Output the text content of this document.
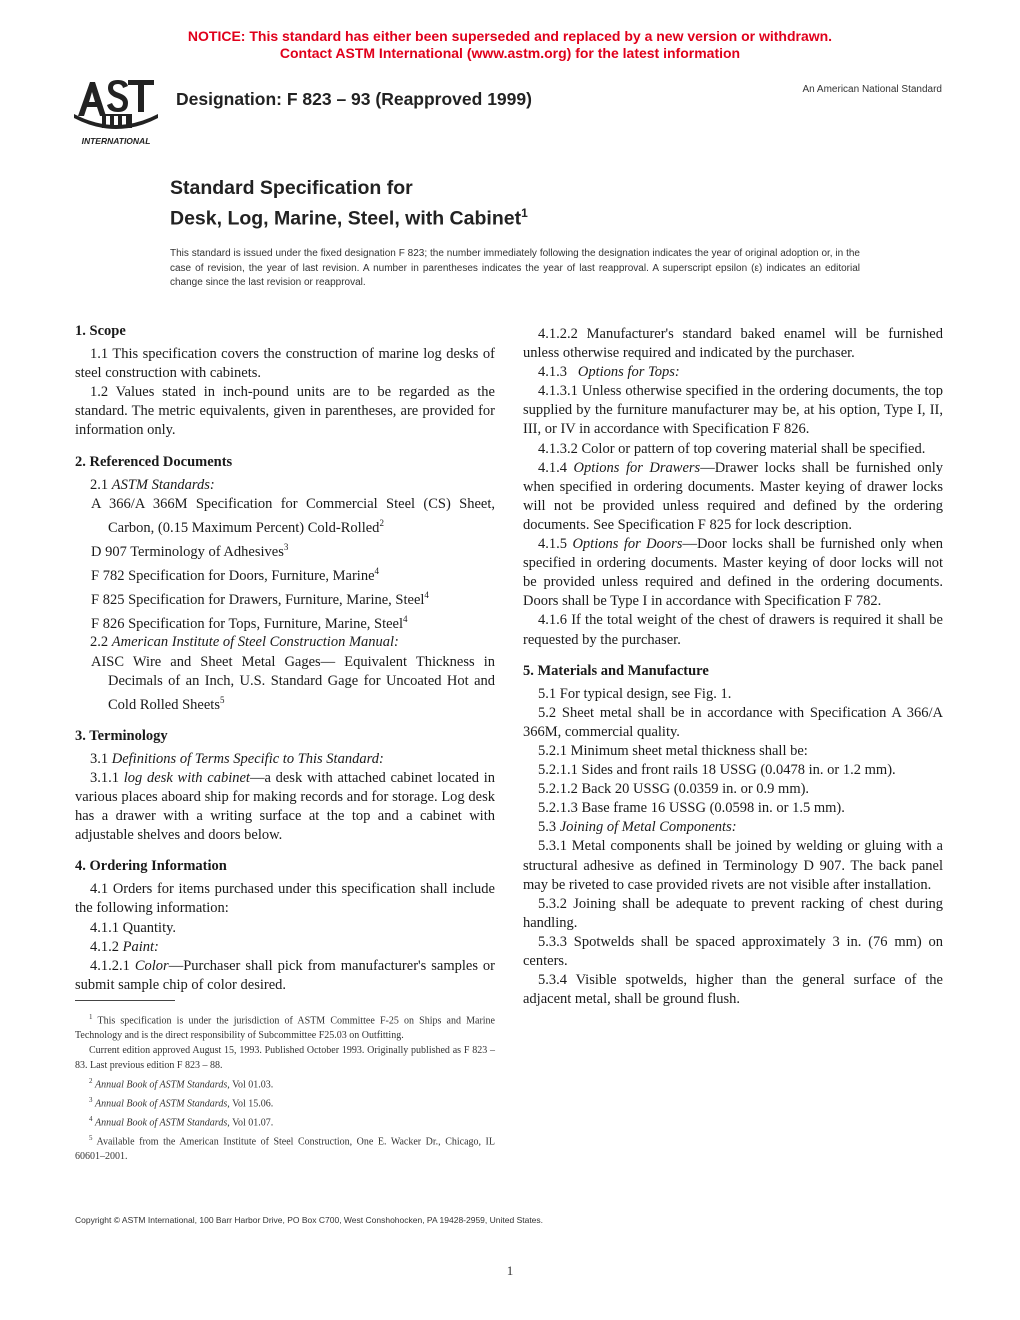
NOTICE: This standard has either been superseded and replaced by a new version or withdrawn.
Contact ASTM International (www.astm.org) for the latest information
INTERNATIONAL
Designation: F 823 – 93 (Reapproved 1999)	An American National Standard
Standard Specification for
Desk, Log, Marine, Steel, with Cabinet$^1$
This standard is issued under the fixed designation F 823; the number immediately following the designation indicates the year of original adoption or, in the case of revision, the year of last revision. A number in parentheses indicates the year of last reapproval. A superscript epsilon (ε) indicates an editorial change since the last revision or reapproval.
1. Scope

1.1 This specification covers the construction of marine log desks of steel construction with cabinets.

1.2 Values stated in inch-pound units are to be regarded as the standard. The metric equivalents, given in parentheses, are provided for information only.

2. Referenced Documents

2.1 ASTM Standards:

A 366/A 366M Specification for Commercial Steel (CS) Sheet, Carbon, (0.15 Maximum Percent) Cold-Rolled$^2$

D 907 Terminology of Adhesives$^3$

F 782 Specification for Doors, Furniture, Marine$^4$

F 825 Specification for Drawers, Furniture, Marine, Steel$^4$

F 826 Specification for Tops, Furniture, Marine, Steel$^4$

2.2 American Institute of Steel Construction Manual:

AISC Wire and Sheet Metal Gages— Equivalent Thickness in Decimals of an Inch, U.S. Standard Gage for Uncoated Hot and Cold Rolled Sheets$^5$

3. Terminology

3.1 Definitions of Terms Specific to This Standard:

3.1.1 log desk with cabinet—a desk with attached cabinet located in various places aboard ship for making records and for storage. Log desk has a drawer with a writing surface at the top and a cabinet with adjustable shelves and doors below.

4. Ordering Information

4.1 Orders for items purchased under this specification shall include the following information:

4.1.1 Quantity.

4.1.2 Paint:

4.1.2.1 Color—Purchaser shall pick from manufacturer's samples or submit sample chip of color desired.

4.1.2.2 Manufacturer's standard baked enamel will be furnished unless otherwise required and indicated by the purchaser.

4.1.3 Options for Tops:

4.1.3.1 Unless otherwise specified in the ordering documents, the top supplied by the furniture manufacturer may be, at his option, Type I, II, III, or IV in accordance with Specification F 826.

4.1.3.2 Color or pattern of top covering material shall be specified.

4.1.4 Options for Drawers—Drawer locks shall be furnished only when specified in ordering documents. Master keying of drawer locks will not be provided unless required and defined by the ordering documents. See Specification F 825 for lock description.

4.1.5 Options for Doors—Door locks shall be furnished only when specified in ordering documents. Master keying of door locks will not be provided unless required and defined in the ordering documents. Doors shall be Type I in accordance with Specification F 782.

4.1.6 If the total weight of the chest of drawers is required it shall be requested by the purchaser.

5. Materials and Manufacture

5.1 For typical design, see Fig. 1.

5.2 Sheet metal shall be in accordance with Specification A 366/A 366M, commercial quality.

5.2.1 Minimum sheet metal thickness shall be:

5.2.1.1 Sides and front rails 18 USSG (0.0478 in. or 1.2 mm).

5.2.1.2 Back 20 USSG (0.0359 in. or 0.9 mm).

5.2.1.3 Base frame 16 USSG (0.0598 in. or 1.5 mm).

5.3 Joining of Metal Components:

5.3.1 Metal components shall be joined by welding or gluing with a structural adhesive as defined in Terminology D 907. The back panel may be riveted to case provided rivets are not visible after installation.

5.3.2 Joining shall be adequate to prevent racking of chest during handling.

5.3.3 Spotwelds shall be spaced approximately 3 in. (76 mm) on centers.

5.3.4 Visible spotwelds, higher than the general surface of the adjacent metal, shall be ground flush.

$^1$ This specification is under the jurisdiction of ASTM Committee F-25 on Ships and Marine Technology and is the direct responsibility of Subcommittee F25.03 on Outfitting.

Current edition approved August 15, 1993. Published October 1993. Originally published as F 823 – 83. Last previous edition F 823 – 88.

$^2$ Annual Book of ASTM Standards, Vol 01.03.

$^3$ Annual Book of ASTM Standards, Vol 15.06.

$^4$ Annual Book of ASTM Standards, Vol 01.07.

$^5$ Available from the American Institute of Steel Construction, One E. Wacker Dr., Chicago, IL 60601–2001.

Copyright © ASTM International, 100 Barr Harbor Drive, PO Box C700, West Conshohocken, PA 19428-2959, United States.
1
